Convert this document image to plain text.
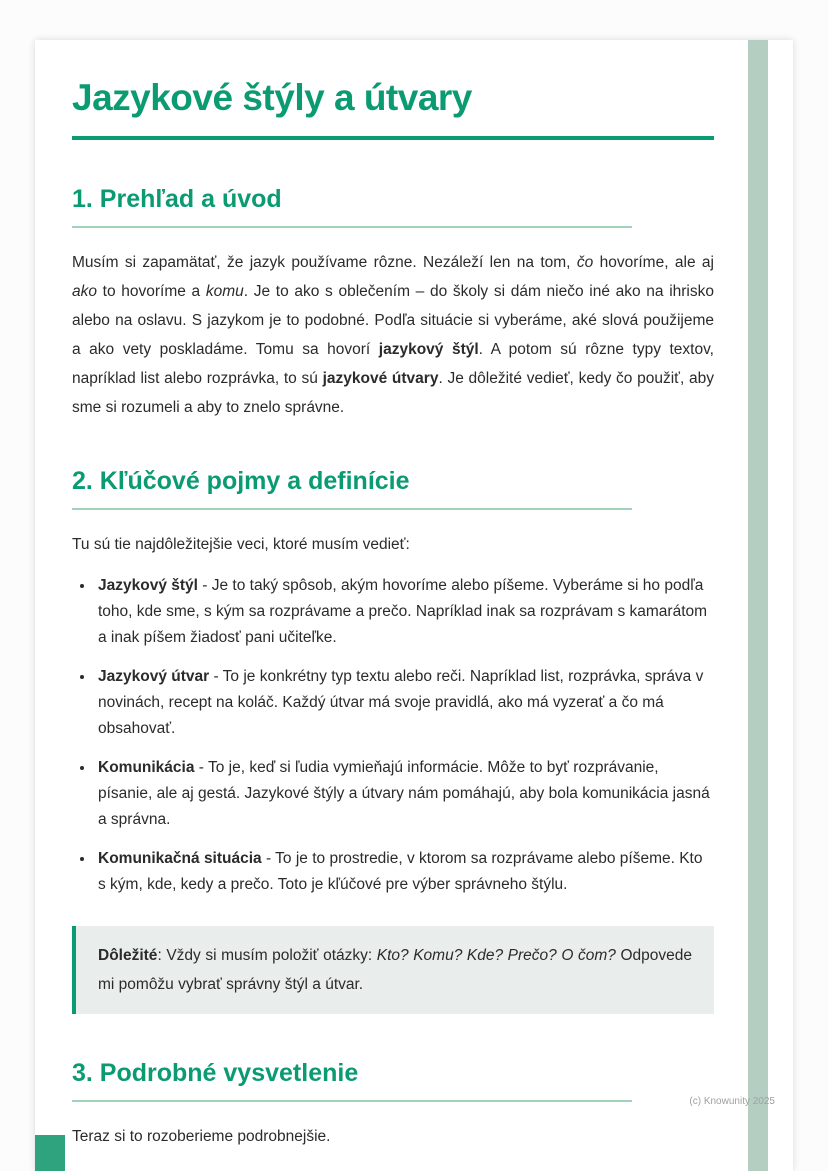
Jazykové štýly a útvary
1. Prehľad a úvod

Musím si zapamätať, že jazyk používame rôzne. Nezáleží len na tom, čo hovoríme, ale aj ako to hovoríme a komu. Je to ako s oblečením – do školy si dám niečo iné ako na ihrisko alebo na oslavu. S jazykom je to podobné. Podľa situácie si vyberáme, aké slová použijeme a ako vety poskladáme. Tomu sa hovorí jazykový štýl. A potom sú rôzne typy textov, napríklad list alebo rozprávka, to sú jazykové útvary. Je dôležité vedieť, kedy čo použiť, aby sme si rozumeli a aby to znelo správne.

2. Kľúčové pojmy a definície

Tu sú tie najdôležitejšie veci, ktoré musím vedieť:

• Jazykový štýl - Je to taký spôsob, akým hovoríme alebo píšeme. Vyberáme si ho podľa toho, kde sme, s kým sa rozprávame a prečo. Napríklad inak sa rozprávam s kamarátom a inak píšem žiadosť pani učiteľke.
• Jazykový útvar - To je konkrétny typ textu alebo reči. Napríklad list, rozprávka, správa v novinách, recept na koláč. Každý útvar má svoje pravidlá, ako má vyzerať a čo má obsahovať.
• Komunikácia - To je, keď si ľudia vymieňajú informácie. Môže to byť rozprávanie, písanie, ale aj gestá. Jazykové štýly a útvary nám pomáhajú, aby bola komunikácia jasná a správna.
• Komunikačná situácia - To je to prostredie, v ktorom sa rozprávame alebo píšeme. Kto s kým, kde, kedy a prečo. Toto je kľúčové pre výber správneho štýlu.

Dôležité: Vždy si musím položiť otázky: Kto? Komu? Kde? Prečo? O čom? Odpovede mi pomôžu vybrať správny štýl a útvar.

3. Podrobné vysvetlenie

Teraz si to rozoberieme podrobnejšie.

(c) Knowunity 2025
